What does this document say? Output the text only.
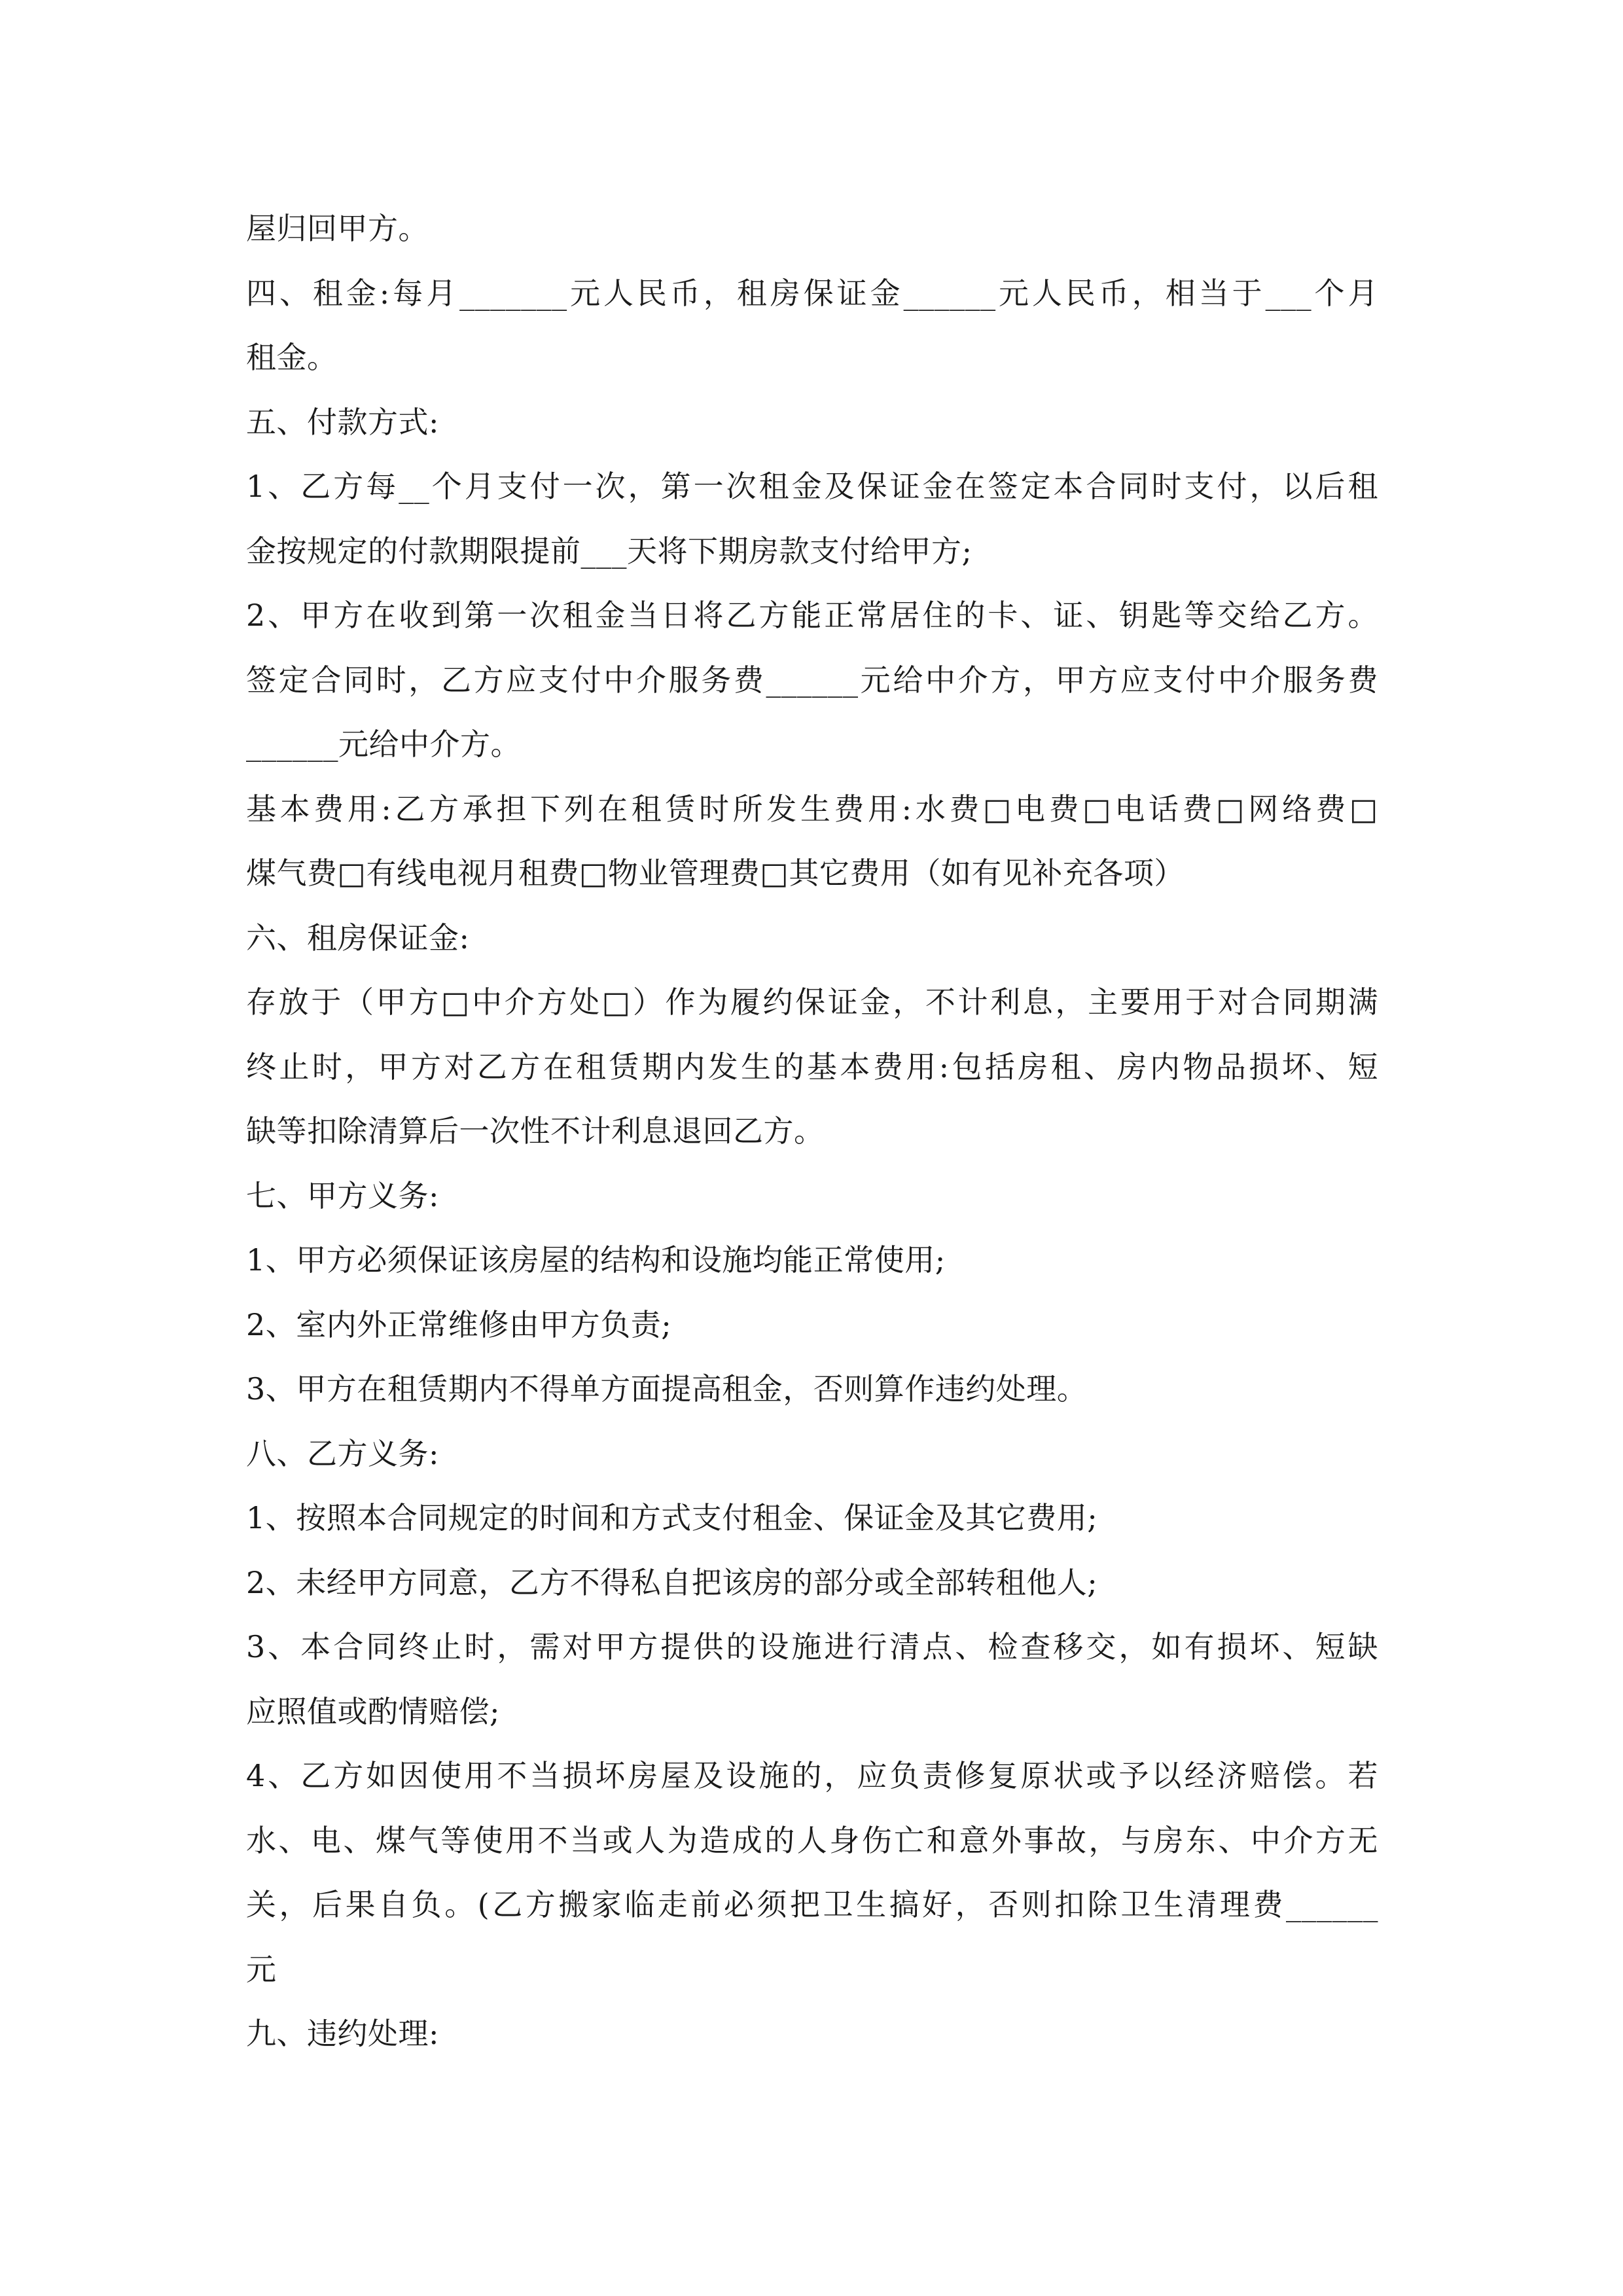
屋归回甲方。
四、租金:每月_______元人民币，租房保证金______元人民币，相当于___个月
租金。
五、付款方式:
1、乙方每__个月支付一次，第一次租金及保证金在签定本合同时支付，以后租
金按规定的付款期限提前___天将下期房款支付给甲方;
2、甲方在收到第一次租金当日将乙方能正常居住的卡、证、钥匙等交给乙方。
签定合同时，乙方应支付中介服务费______元给中介方，甲方应支付中介服务费
______元给中介方。
基本费用:乙方承担下列在租赁时所发生费用:水费□电费□电话费□网络费□
煤气费□有线电视月租费□物业管理费□其它费用（如有见补充各项）
六、租房保证金:
存放于（甲方□中介方处□）作为履约保证金，不计利息，主要用于对合同期满
终止时，甲方对乙方在租赁期内发生的基本费用:包括房租、房内物品损坏、短
缺等扣除清算后一次性不计利息退回乙方。
七、甲方义务:
1、甲方必须保证该房屋的结构和设施均能正常使用;
2、室内外正常维修由甲方负责;
3、甲方在租赁期内不得单方面提高租金，否则算作违约处理。
八、乙方义务:
1、按照本合同规定的时间和方式支付租金、保证金及其它费用;
2、未经甲方同意，乙方不得私自把该房的部分或全部转租他人;
3、本合同终止时，需对甲方提供的设施进行清点、检查移交，如有损坏、短缺
应照值或酌情赔偿;
4、乙方如因使用不当损坏房屋及设施的，应负责修复原状或予以经济赔偿。若
水、电、煤气等使用不当或人为造成的人身伤亡和意外事故，与房东、中介方无
关，后果自负。(乙方搬家临走前必须把卫生搞好，否则扣除卫生清理费______
元
九、违约处理:
